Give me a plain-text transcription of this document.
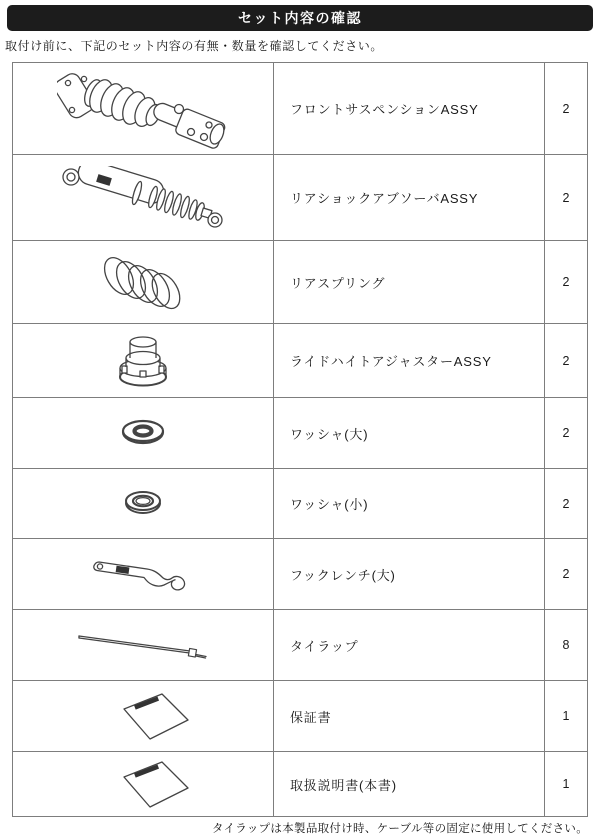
セット内容の確認
取付け前に、下記のセット内容の有無・数量を確認してください。
フロントサスペンションASSY	2
リアショックアブソーバASSY	2
リアスプリング	2
ライドハイトアジャスターASSY	2
ワッシャ(大)	2
ワッシャ(小)	2
フックレンチ(大)	2
タイラップ	8
保証書	1
取扱説明書(本書)	1
タイラップは本製品取付け時、ケーブル等の固定に使用してください。
